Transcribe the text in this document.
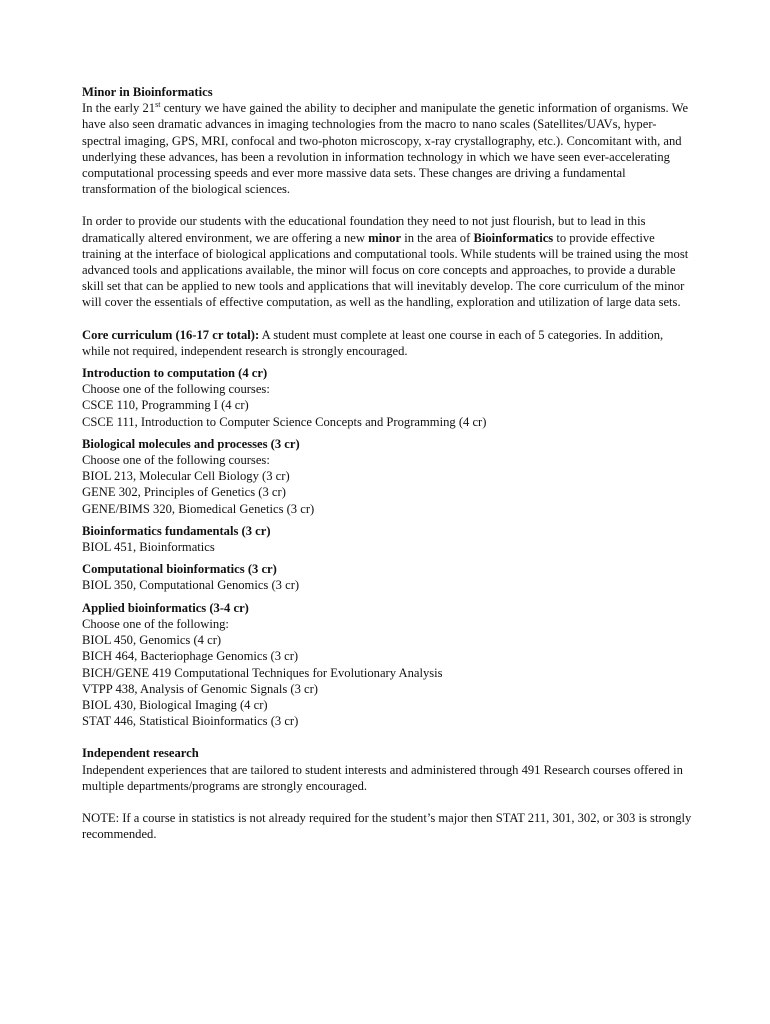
Minor in Bioinformatics

In the early 21st century we have gained the ability to decipher and manipulate the genetic information of organisms. We have also seen dramatic advances in imaging technologies from the macro to nano scales (Satellites/UAVs, hyper-spectral imaging, GPS, MRI, confocal and two-photon microscopy, x-ray crystallography, etc.). Concomitant with, and underlying these advances, has been a revolution in information technology in which we have seen ever-accelerating computational processing speeds and ever more massive data sets. These changes are driving a fundamental transformation of the biological sciences.

In order to provide our students with the educational foundation they need to not just flourish, but to lead in this dramatically altered environment, we are offering a new minor in the area of Bioinformatics to provide effective training at the interface of biological applications and computational tools. While students will be trained using the most advanced tools and applications available, the minor will focus on core concepts and approaches, to provide a durable skill set that can be applied to new tools and applications that will inevitably develop. The core curriculum of the minor will cover the essentials of effective computation, as well as the handling, exploration and utilization of large data sets.

Core curriculum (16-17 cr total): A student must complete at least one course in each of 5 categories. In addition, while not required, independent research is strongly encouraged.

Introduction to computation (4 cr)
Choose one of the following courses:
CSCE 110, Programming I (4 cr)
CSCE 111, Introduction to Computer Science Concepts and Programming (4 cr)
Biological molecules and processes (3 cr)
Choose one of the following courses:
BIOL 213, Molecular Cell Biology (3 cr)
GENE 302, Principles of Genetics (3 cr)
GENE/BIMS 320, Biomedical Genetics (3 cr)
Bioinformatics fundamentals (3 cr)
BIOL 451, Bioinformatics
Computational bioinformatics (3 cr)
BIOL 350, Computational Genomics (3 cr)
Applied bioinformatics (3-4 cr)
Choose one of the following:
BIOL 450, Genomics (4 cr)
BICH 464, Bacteriophage Genomics (3 cr)
BICH/GENE 419 Computational Techniques for Evolutionary Analysis
VTPP 438, Analysis of Genomic Signals (3 cr)
BIOL 430, Biological Imaging (4 cr)
STAT 446, Statistical Bioinformatics (3 cr)
Independent research
Independent experiences that are tailored to student interests and administered through 491 Research courses offered in multiple departments/programs are strongly encouraged.

NOTE: If a course in statistics is not already required for the student’s major then STAT 211, 301, 302, or 303 is strongly recommended.
